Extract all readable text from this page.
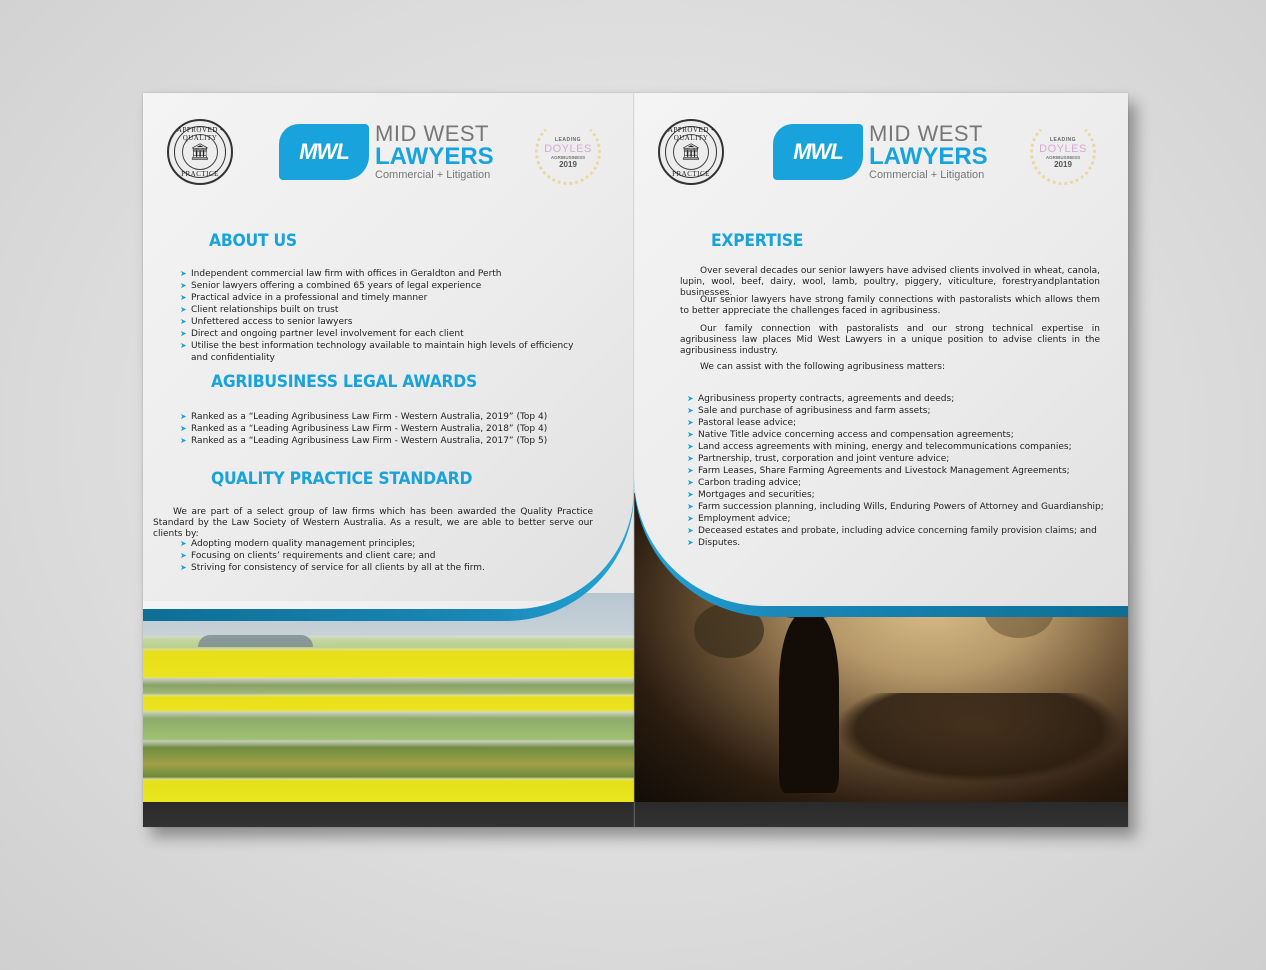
APPROVED • QUALITY
🏛
PRACTICE
MWL
MID WEST
LAWYERS
Commercial + Litigation
LEADING
DOYLES
AGRIBUSINESS
2019
ABOUT US
➤ Independent commercial law firm with offices in Geraldton and Perth
➤ Senior lawyers offering a combined 65 years of legal experience
➤ Practical advice in a professional and timely manner
➤ Client relationships built on trust
➤ Unfettered access to senior lawyers
➤ Direct and ongoing partner level involvement for each client
➤ Utilise the best information technology available to maintain high levels of efficiency and confidentiality
AGRIBUSINESS LEGAL AWARDS
➤ Ranked as a “Leading Agribusiness Law Firm - Western Australia, 2019” (Top 4)
➤ Ranked as a “Leading Agribusiness Law Firm - Western Australia, 2018” (Top 4)
➤ Ranked as a “Leading Agribusiness Law Firm - Western Australia, 2017” (Top 5)
QUALITY PRACTICE STANDARD
We are part of a select group of law firms which has been awarded the Quality Practice Standard by the Law Society of Western Australia. As a result, we are able to better serve our clients by:
➤ Adopting modern quality management principles;
➤ Focusing on clients’ requirements and client care; and
➤ Striving for consistency of service for all clients by all at the firm.
APPROVED • QUALITY
🏛
PRACTICE
MWL
MID WEST
LAWYERS
Commercial + Litigation
LEADING
DOYLES
AGRIBUSINESS
2019
EXPERTISE
Over several decades our senior lawyers have advised clients involved in wheat, canola, lupin, wool, beef, dairy, wool, lamb, poultry, piggery, viticulture, forestryandplantation businesses.
Our senior lawyers have strong family connections with pastoralists which allows them to better appreciate the challenges faced in agribusiness.
Our family connection with pastoralists and our strong technical expertise in agribusiness law places Mid West Lawyers in a unique position to advise clients in the agribusiness industry.
We can assist with the following agribusiness matters:
➤ Agribusiness property contracts, agreements and deeds;
➤ Sale and purchase of agribusiness and farm assets;
➤ Pastoral lease advice;
➤ Native Title advice concerning access and compensation agreements;
➤ Land access agreements with mining, energy and telecommunications companies;
➤ Partnership, trust, corporation and joint venture advice;
➤ Farm Leases, Share Farming Agreements and Livestock Management Agreements;
➤ Carbon trading advice;
➤ Mortgages and securities;
➤ Farm succession planning, including Wills, Enduring Powers of Attorney and Guardianship;
➤ Employment advice;
➤ Deceased estates and probate, including advice concerning family provision claims; and
➤ Disputes.
